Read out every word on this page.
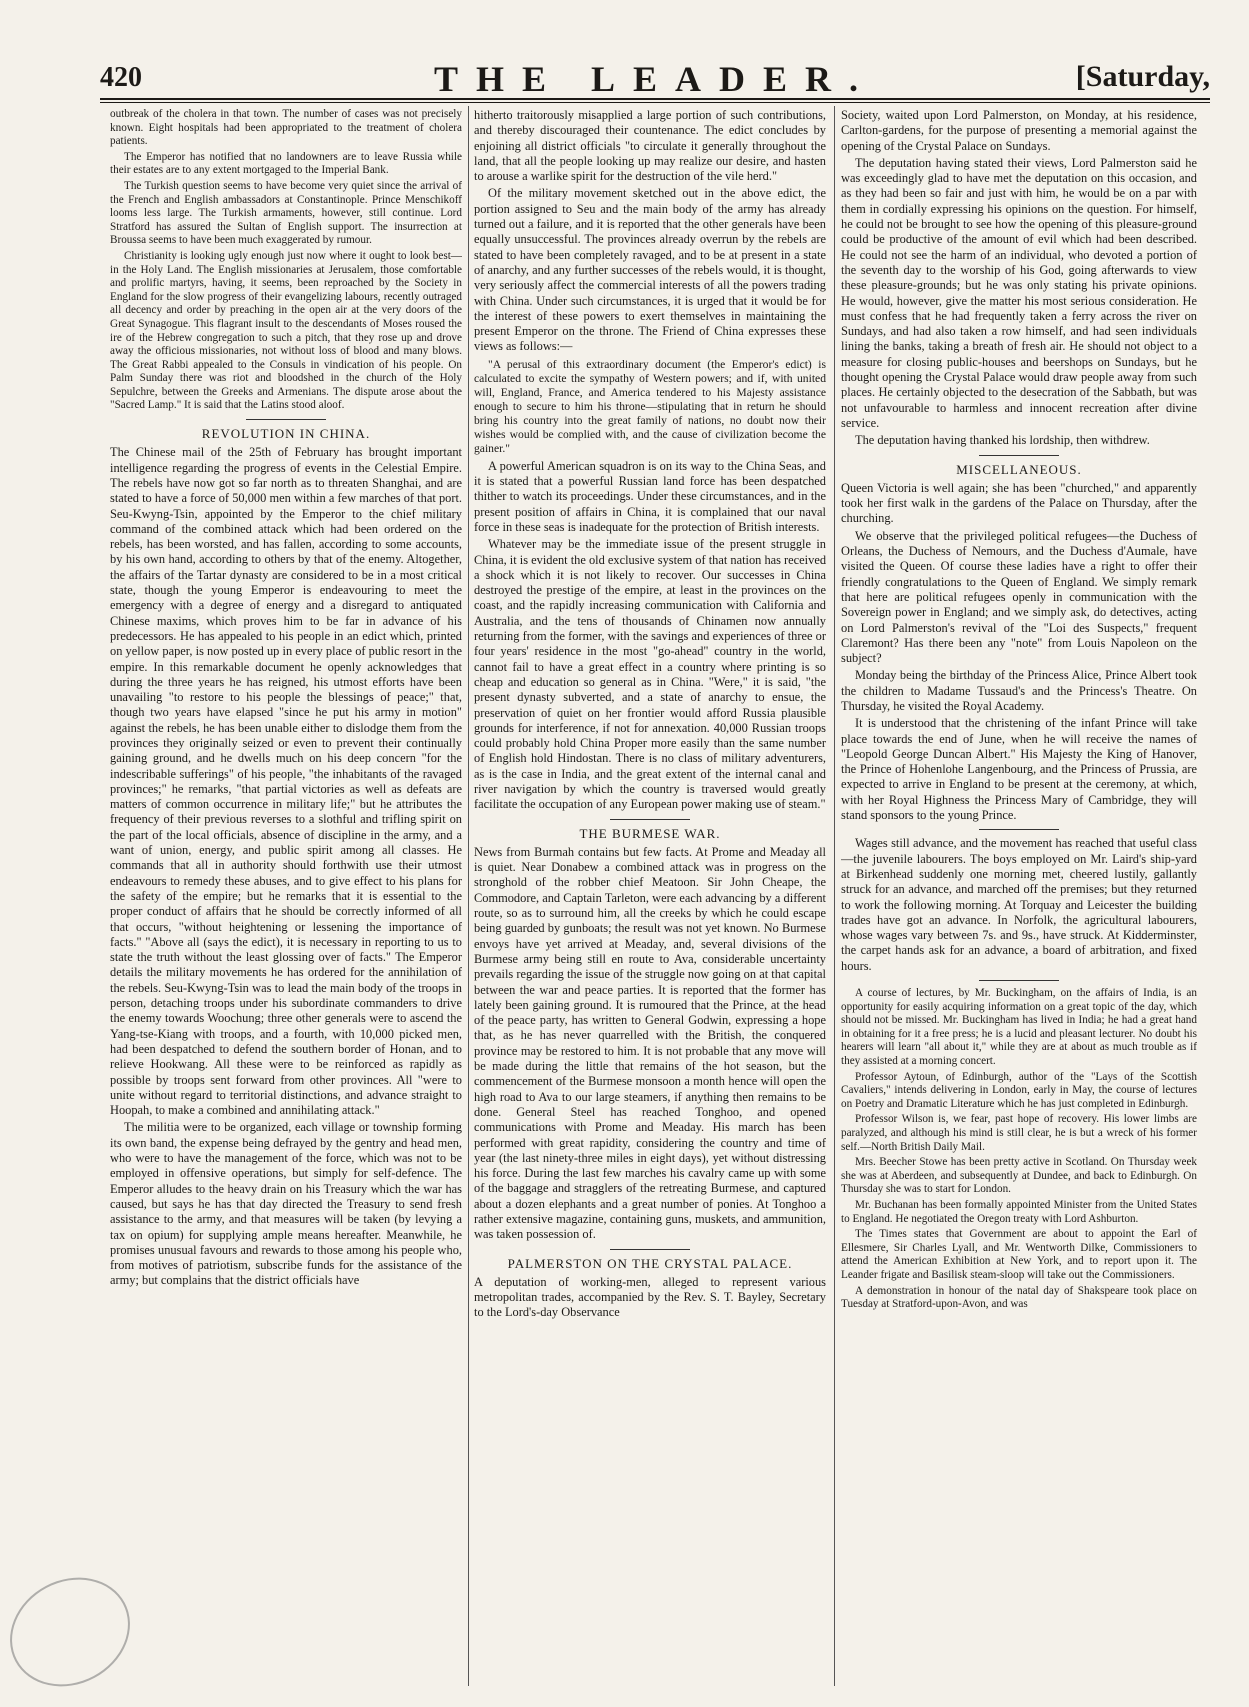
420	THE LEADER.	[Saturday,

outbreak of the cholera in that town. The number of cases was not precisely known. Eight hospitals had been appropriated to the treatment of cholera patients.

The Emperor has notified that no landowners are to leave Russia while their estates are to any extent mortgaged to the Imperial Bank.

The Turkish question seems to have become very quiet since the arrival of the French and English ambassadors at Constantinople. Prince Menschikoff looms less large. The Turkish armaments, however, still continue. Lord Stratford has assured the Sultan of English support. The insurrection at Broussa seems to have been much exaggerated by rumour.

Christianity is looking ugly enough just now where it ought to look best—in the Holy Land. The English missionaries at Jerusalem, those comfortable and prolific martyrs, having, it seems, been reproached by the Society in England for the slow progress of their evangelizing labours, recently outraged all decency and order by preaching in the open air at the very doors of the Great Synagogue. This flagrant insult to the descendants of Moses roused the ire of the Hebrew congregation to such a pitch, that they rose up and drove away the officious missionaries, not without loss of blood and many blows. The Great Rabbi appealed to the Consuls in vindication of his people. On Palm Sunday there was riot and bloodshed in the church of the Holy Sepulchre, between the Greeks and Armenians. The dispute arose about the "Sacred Lamp." It is said that the Latins stood aloof.

REVOLUTION IN CHINA.

The Chinese mail of the 25th of February has brought important intelligence regarding the progress of events in the Celestial Empire. The rebels have now got so far north as to threaten Shanghai, and are stated to have a force of 50,000 men within a few marches of that port. Seu-Kwyng-Tsin, appointed by the Emperor to the chief military command of the combined attack which had been ordered on the rebels, has been worsted, and has fallen, according to some accounts, by his own hand, according to others by that of the enemy. Altogether, the affairs of the Tartar dynasty are considered to be in a most critical state, though the young Emperor is endeavouring to meet the emergency with a degree of energy and a disregard to antiquated Chinese maxims, which proves him to be far in advance of his predecessors. He has appealed to his people in an edict which, printed on yellow paper, is now posted up in every place of public resort in the empire. In this remarkable document he openly acknowledges that during the three years he has reigned, his utmost efforts have been unavailing "to restore to his people the blessings of peace;" that, though two years have elapsed "since he put his army in motion" against the rebels, he has been unable either to dislodge them from the provinces they originally seized or even to prevent their continually gaining ground, and he dwells much on his deep concern "for the indescribable sufferings" of his people, "the inhabitants of the ravaged provinces;" he remarks, "that partial victories as well as defeats are matters of common occurrence in military life;" but he attributes the frequency of their previous reverses to a slothful and trifling spirit on the part of the local officials, absence of discipline in the army, and a want of union, energy, and public spirit among all classes. He commands that all in authority should forthwith use their utmost endeavours to remedy these abuses, and to give effect to his plans for the safety of the empire; but he remarks that it is essential to the proper conduct of affairs that he should be correctly informed of all that occurs, "without heightening or lessening the importance of facts." "Above all (says the edict), it is necessary in reporting to us to state the truth without the least glossing over of facts." The Emperor details the military movements he has ordered for the annihilation of the rebels. Seu-Kwyng-Tsin was to lead the main body of the troops in person, detaching troops under his subordinate commanders to drive the enemy towards Woochung; three other generals were to ascend the Yang-tse-Kiang with troops, and a fourth, with 10,000 picked men, had been despatched to defend the southern border of Honan, and to relieve Hookwang. All these were to be reinforced as rapidly as possible by troops sent forward from other provinces. All "were to unite without regard to territorial distinctions, and advance straight to Hoopah, to make a combined and annihilating attack."

The militia were to be organized, each village or township forming its own band, the expense being defrayed by the gentry and head men, who were to have the management of the force, which was not to be employed in offensive operations, but simply for self-defence. The Emperor alludes to the heavy drain on his Treasury which the war has caused, but says he has that day directed the Treasury to send fresh assistance to the army, and that measures will be taken (by levying a tax on opium) for supplying ample means hereafter. Meanwhile, he promises unusual favours and rewards to those among his people who, from motives of patriotism, subscribe funds for the assistance of the army; but complains that the district officials have

hitherto traitorously misapplied a large portion of such contributions, and thereby discouraged their countenance. The edict concludes by enjoining all district officials "to circulate it generally throughout the land, that all the people looking up may realize our desire, and hasten to arouse a warlike spirit for the destruction of the vile herd."

Of the military movement sketched out in the above edict, the portion assigned to Seu and the main body of the army has already turned out a failure, and it is reported that the other generals have been equally unsuccessful. The provinces already overrun by the rebels are stated to have been completely ravaged, and to be at present in a state of anarchy, and any further successes of the rebels would, it is thought, very seriously affect the commercial interests of all the powers trading with China. Under such circumstances, it is urged that it would be for the interest of these powers to exert themselves in maintaining the present Emperor on the throne. The Friend of China expresses these views as follows:—

"A perusal of this extraordinary document (the Emperor's edict) is calculated to excite the sympathy of Western powers; and if, with united will, England, France, and America tendered to his Majesty assistance enough to secure to him his throne—stipulating that in return he should bring his country into the great family of nations, no doubt now their wishes would be complied with, and the cause of civilization become the gainer."

A powerful American squadron is on its way to the China Seas, and it is stated that a powerful Russian land force has been despatched thither to watch its proceedings. Under these circumstances, and in the present position of affairs in China, it is complained that our naval force in these seas is inadequate for the protection of British interests.

Whatever may be the immediate issue of the present struggle in China, it is evident the old exclusive system of that nation has received a shock which it is not likely to recover. Our successes in China destroyed the prestige of the empire, at least in the provinces on the coast, and the rapidly increasing communication with California and Australia, and the tens of thousands of Chinamen now annually returning from the former, with the savings and experiences of three or four years' residence in the most "go-ahead" country in the world, cannot fail to have a great effect in a country where printing is so cheap and education so general as in China. "Were," it is said, "the present dynasty subverted, and a state of anarchy to ensue, the preservation of quiet on her frontier would afford Russia plausible grounds for interference, if not for annexation. 40,000 Russian troops could probably hold China Proper more easily than the same number of English hold Hindostan. There is no class of military adventurers, as is the case in India, and the great extent of the internal canal and river navigation by which the country is traversed would greatly facilitate the occupation of any European power making use of steam."

THE BURMESE WAR.

News from Burmah contains but few facts. At Prome and Meaday all is quiet. Near Donabew a combined attack was in progress on the stronghold of the robber chief Meatoon. Sir John Cheape, the Commodore, and Captain Tarleton, were each advancing by a different route, so as to surround him, all the creeks by which he could escape being guarded by gunboats; the result was not yet known. No Burmese envoys have yet arrived at Meaday, and, several divisions of the Burmese army being still en route to Ava, considerable uncertainty prevails regarding the issue of the struggle now going on at that capital between the war and peace parties. It is reported that the former has lately been gaining ground. It is rumoured that the Prince, at the head of the peace party, has written to General Godwin, expressing a hope that, as he has never quarrelled with the British, the conquered province may be restored to him. It is not probable that any move will be made during the little that remains of the hot season, but the commencement of the Burmese monsoon a month hence will open the high road to Ava to our large steamers, if anything then remains to be done. General Steel has reached Tonghoo, and opened communications with Prome and Meaday. His march has been performed with great rapidity, considering the country and time of year (the last ninety-three miles in eight days), yet without distressing his force. During the last few marches his cavalry came up with some of the baggage and stragglers of the retreating Burmese, and captured about a dozen elephants and a great number of ponies. At Tonghoo a rather extensive magazine, containing guns, muskets, and ammunition, was taken possession of.

PALMERSTON ON THE CRYSTAL PALACE.

A deputation of working-men, alleged to represent various metropolitan trades, accompanied by the Rev. S. T. Bayley, Secretary to the Lord's-day Observance

Society, waited upon Lord Palmerston, on Monday, at his residence, Carlton-gardens, for the purpose of presenting a memorial against the opening of the Crystal Palace on Sundays.

The deputation having stated their views, Lord Palmerston said he was exceedingly glad to have met the deputation on this occasion, and as they had been so fair and just with him, he would be on a par with them in cordially expressing his opinions on the question. For himself, he could not be brought to see how the opening of this pleasure-ground could be productive of the amount of evil which had been described. He could not see the harm of an individual, who devoted a portion of the seventh day to the worship of his God, going afterwards to view these pleasure-grounds; but he was only stating his private opinions. He would, however, give the matter his most serious consideration. He must confess that he had frequently taken a ferry across the river on Sundays, and had also taken a row himself, and had seen individuals lining the banks, taking a breath of fresh air. He should not object to a measure for closing public-houses and beershops on Sundays, but he thought opening the Crystal Palace would draw people away from such places. He certainly objected to the desecration of the Sabbath, but was not unfavourable to harmless and innocent recreation after divine service.

The deputation having thanked his lordship, then withdrew.

MISCELLANEOUS.

Queen Victoria is well again; she has been "churched," and apparently took her first walk in the gardens of the Palace on Thursday, after the churching.

We observe that the privileged political refugees—the Duchess of Orleans, the Duchess of Nemours, and the Duchess d'Aumale, have visited the Queen. Of course these ladies have a right to offer their friendly congratulations to the Queen of England. We simply remark that here are political refugees openly in communication with the Sovereign power in England; and we simply ask, do detectives, acting on Lord Palmerston's revival of the "Loi des Suspects," frequent Claremont? Has there been any "note" from Louis Napoleon on the subject?

Monday being the birthday of the Princess Alice, Prince Albert took the children to Madame Tussaud's and the Princess's Theatre. On Thursday, he visited the Royal Academy.

It is understood that the christening of the infant Prince will take place towards the end of June, when he will receive the names of "Leopold George Duncan Albert." His Majesty the King of Hanover, the Prince of Hohenlohe Langenbourg, and the Princess of Prussia, are expected to arrive in England to be present at the ceremony, at which, with her Royal Highness the Princess Mary of Cambridge, they will stand sponsors to the young Prince.

Wages still advance, and the movement has reached that useful class—the juvenile labourers. The boys employed on Mr. Laird's ship-yard at Birkenhead suddenly one morning met, cheered lustily, gallantly struck for an advance, and marched off the premises; but they returned to work the following morning. At Torquay and Leicester the building trades have got an advance. In Norfolk, the agricultural labourers, whose wages vary between 7s. and 9s., have struck. At Kidderminster, the carpet hands ask for an advance, a board of arbitration, and fixed hours.

A course of lectures, by Mr. Buckingham, on the affairs of India, is an opportunity for easily acquiring information on a great topic of the day, which should not be missed. Mr. Buckingham has lived in India; he had a great hand in obtaining for it a free press; he is a lucid and pleasant lecturer. No doubt his hearers will learn "all about it," while they are at about as much trouble as if they assisted at a morning concert.

Professor Aytoun, of Edinburgh, author of the "Lays of the Scottish Cavaliers," intends delivering in London, early in May, the course of lectures on Poetry and Dramatic Literature which he has just completed in Edinburgh.

Professor Wilson is, we fear, past hope of recovery. His lower limbs are paralyzed, and although his mind is still clear, he is but a wreck of his former self.—North British Daily Mail.

Mrs. Beecher Stowe has been pretty active in Scotland. On Thursday week she was at Aberdeen, and subsequently at Dundee, and back to Edinburgh. On Thursday she was to start for London.

Mr. Buchanan has been formally appointed Minister from the United States to England. He negotiated the Oregon treaty with Lord Ashburton.

The Times states that Government are about to appoint the Earl of Ellesmere, Sir Charles Lyall, and Mr. Wentworth Dilke, Commissioners to attend the American Exhibition at New York, and to report upon it. The Leander frigate and Basilisk steam-sloop will take out the Commissioners.

A demonstration in honour of the natal day of Shakspeare took place on Tuesday at Stratford-upon-Avon, and was
